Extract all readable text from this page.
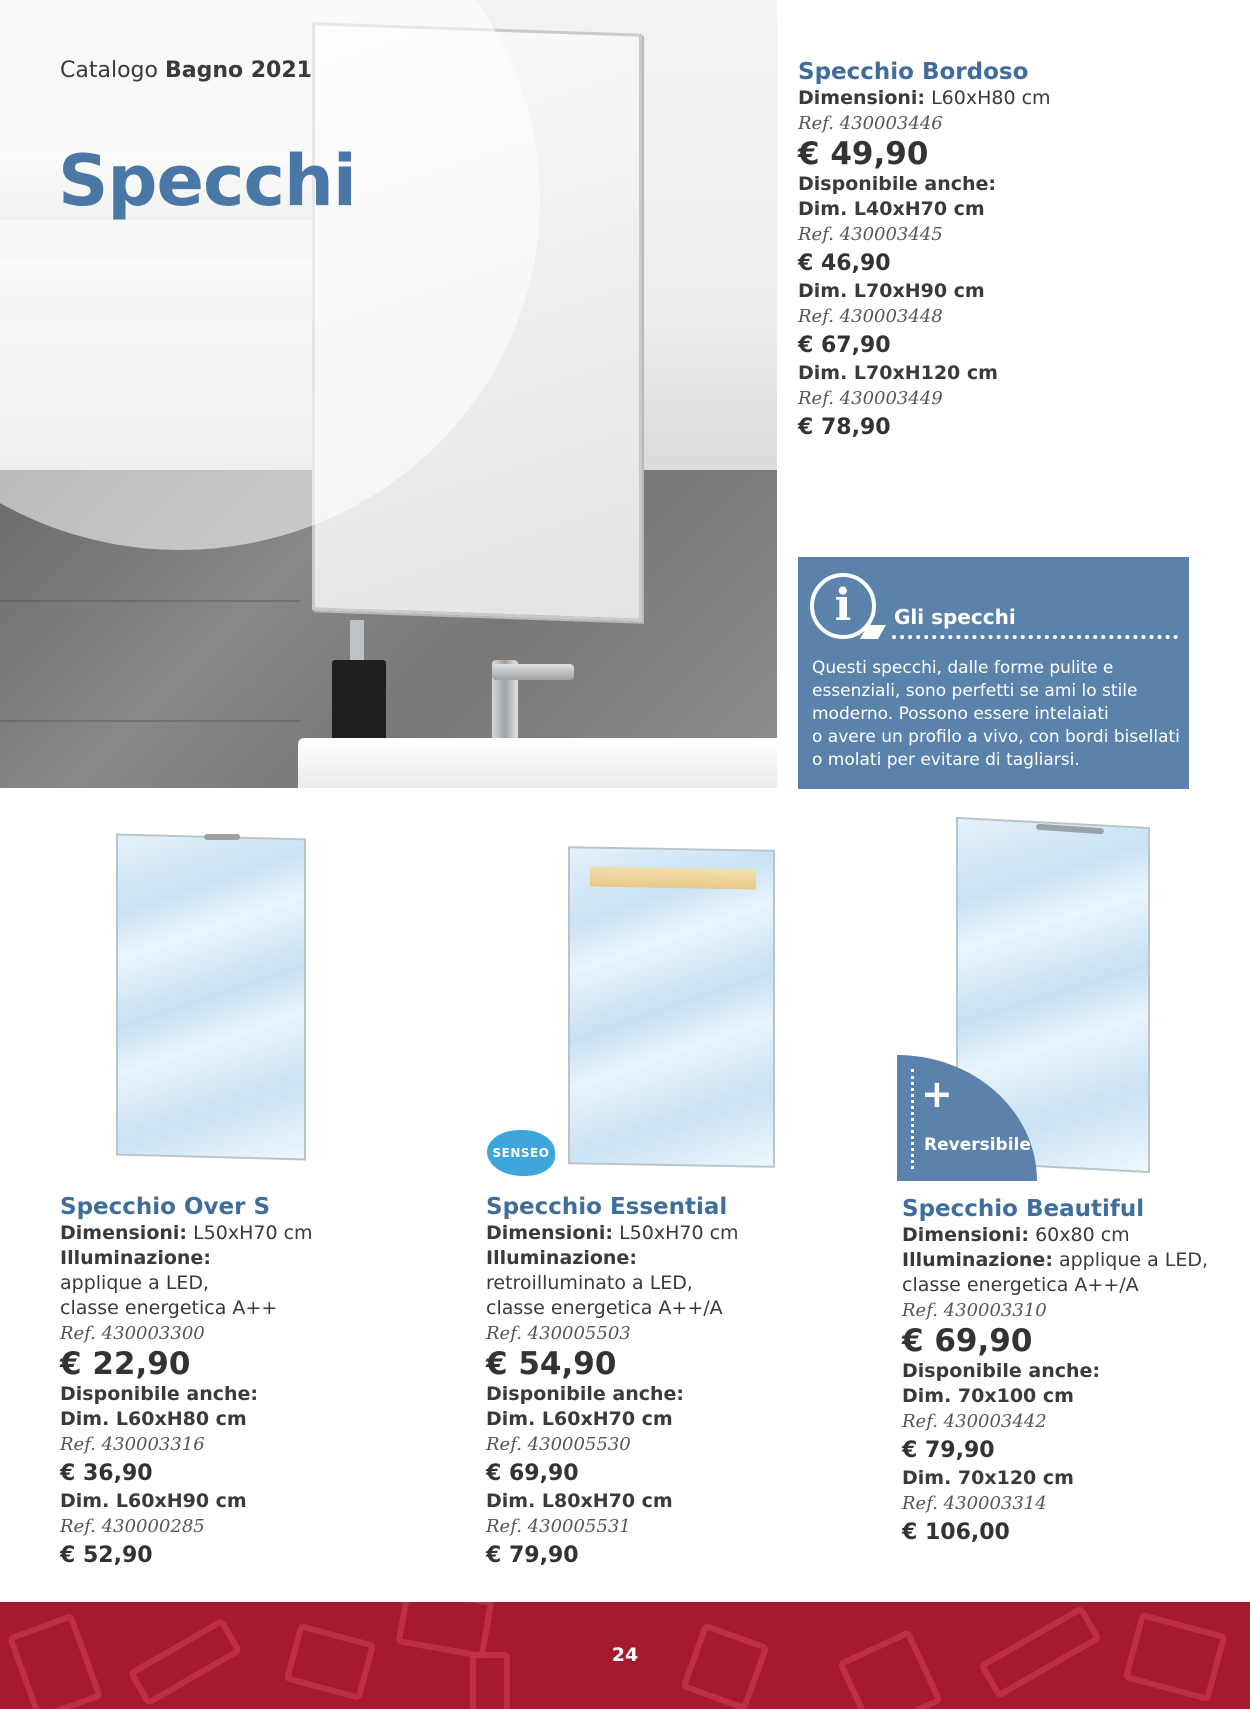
Catalogo Bagno 2021
Specchi
Specchio Bordoso
Dimensioni: L60xH80 cm
Ref. 430003446
€ 49,90
Disponibile anche:
Dim. L40xH70 cm
Ref. 430003445
€ 46,90
Dim. L70xH90 cm
Ref. 430003448
€ 67,90
Dim. L70xH120 cm
Ref. 430003449
€ 78,90
i	Gli specchi
Questi specchi, dalle forme pulite e
essenziali, sono perfetti se ami lo stile
moderno. Possono essere intelaiati
o avere un profilo a vivo, con bordi bisellati
o molati per evitare di tagliarsi.
SENSEO
+
Reversibile
Specchio Over S
Dimensioni: L50xH70 cm
Illuminazione:
applique a LED,
classe energetica A++
Ref. 430003300
€ 22,90
Disponibile anche:
Dim. L60xH80 cm
Ref. 430003316
€ 36,90
Dim. L60xH90 cm
Ref. 430000285
€ 52,90
Specchio Essential
Dimensioni: L50xH70 cm
Illuminazione:
retroilluminato a LED,
classe energetica A++/A
Ref. 430005503
€ 54,90
Disponibile anche:
Dim. L60xH70 cm
Ref. 430005530
€ 69,90
Dim. L80xH70 cm
Ref. 430005531
€ 79,90
Specchio Beautiful
Dimensioni: 60x80 cm
Illuminazione: applique a LED,
classe energetica A++/A
Ref. 430003310
€ 69,90
Disponibile anche:
Dim. 70x100 cm
Ref. 430003442
€ 79,90
Dim. 70x120 cm
Ref. 430003314
€ 106,00
24
